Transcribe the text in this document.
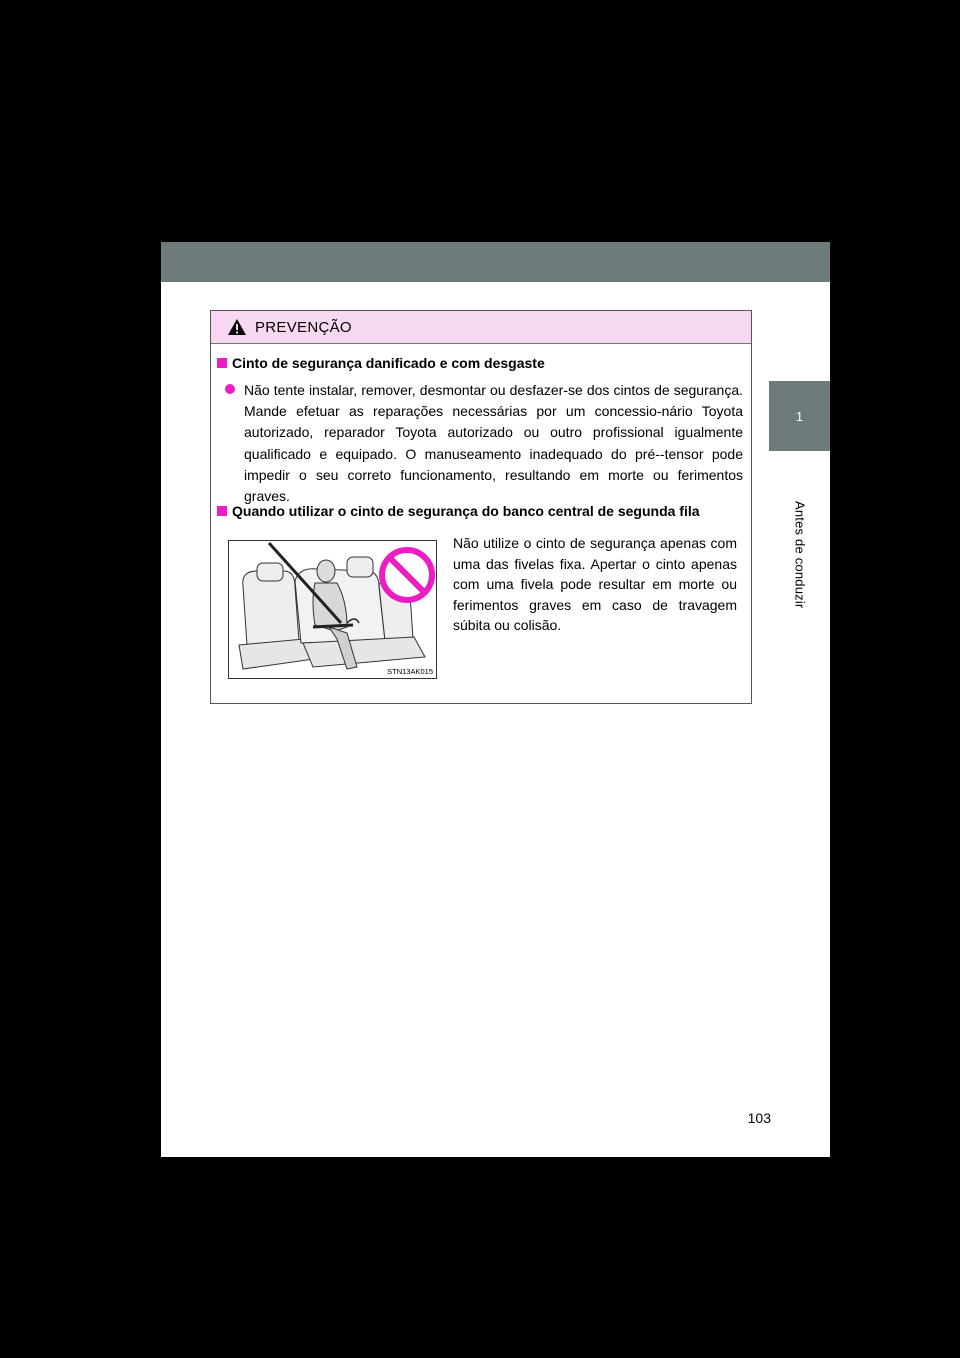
1
Antes de conduzir
PREVENÇÃO
Cinto de segurança danificado e com desgaste
Não tente instalar, remover, desmontar ou desfazer-se dos cintos de segurança. Mande efetuar as reparações necessárias por um concessio-nário Toyota autorizado, reparador Toyota autorizado ou outro profissional igualmente qualificado e equipado. O manuseamento inadequado do pré--tensor pode impedir o seu correto funcionamento, resultando em morte ou ferimentos graves.
Quando utilizar o cinto de segurança do banco central de segunda fila
STN13AK015
Não utilize o cinto de segurança apenas com uma das fivelas fixa. Apertar o cinto apenas com uma fivela pode resultar em morte ou ferimentos graves em caso de travagem súbita ou colisão.
103
